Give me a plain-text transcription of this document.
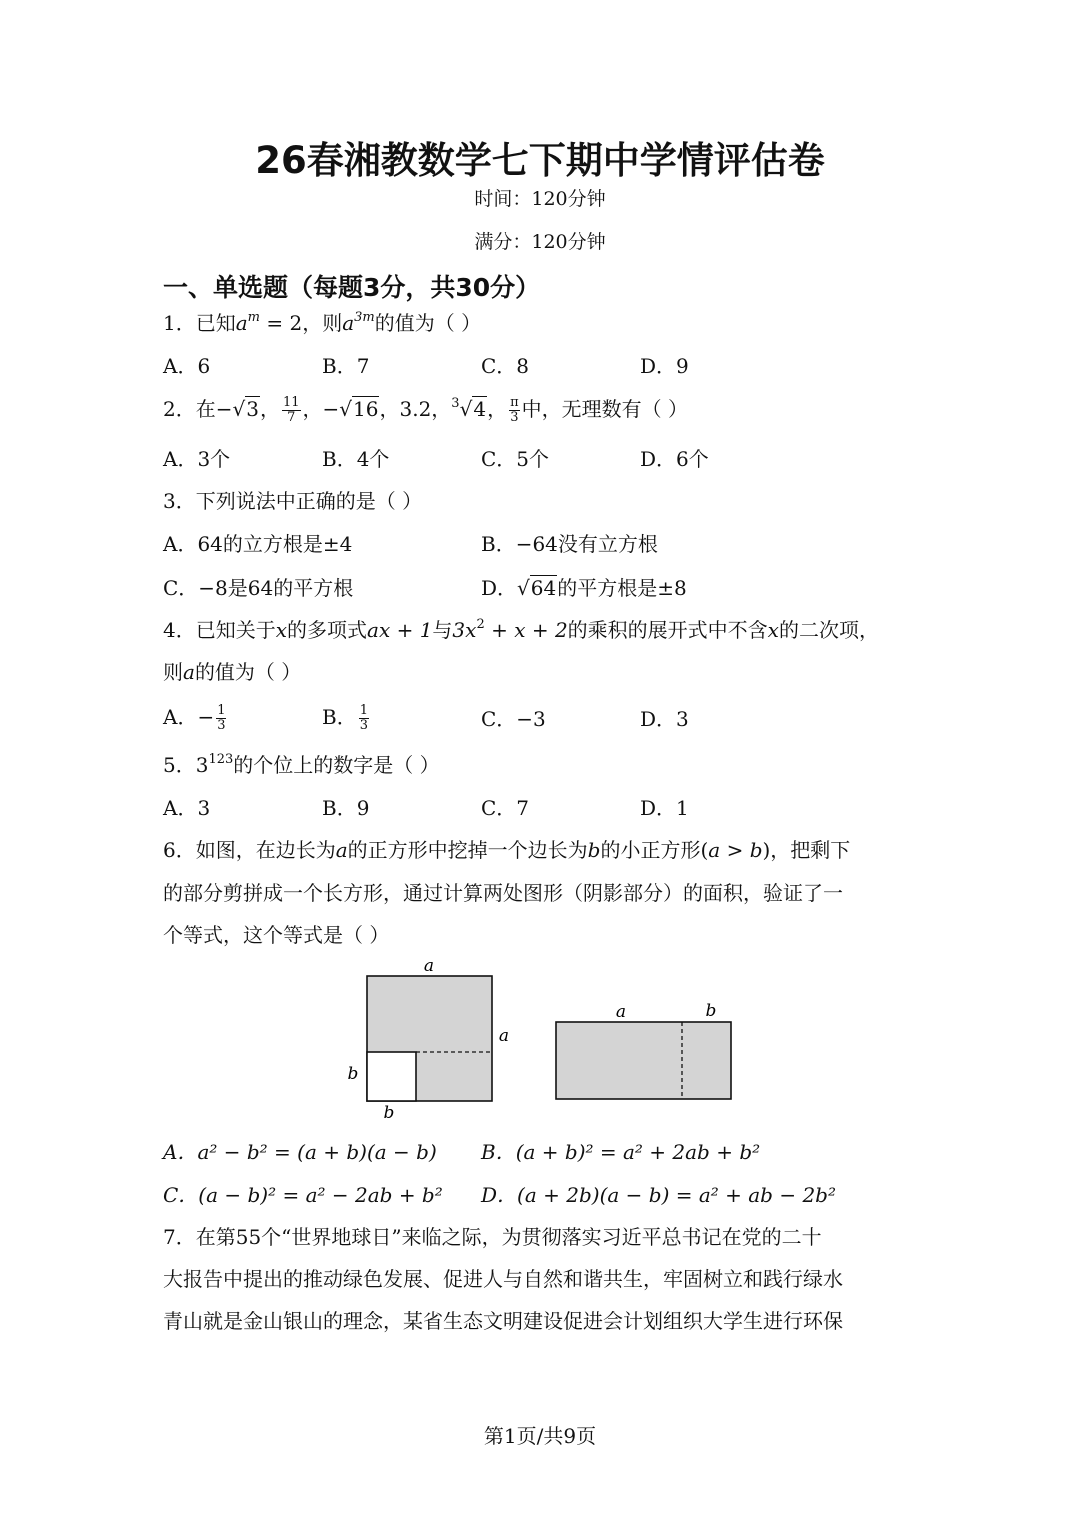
26春湘教数学七下期中学情评估卷
时间：120分钟
满分：120分钟
一、单选题（每题3分，共30分）
1．已知$a^m = 2$，则$a^{3m}$的值为（ ）
A．6	B．7	C．8	D．9
2．在−√3， $\frac{11}{7}$ ，−√16，3.2，$^3$√4， $\frac{\pi}{3}$ 中，无理数有（ ）
A．3个	B．4个	C．5个	D．6个
3．下列说法中正确的是（ ）
A．64的立方根是±4	B．−64没有立方根
C．−8是64的平方根	D．√64的平方根是±8
4．已知关于x的多项式ax + 1与$3x^2 + x + 2$的乘积的展开式中不含x的二次项，
则a的值为（ ）
A．− $\frac{1}{3}$	B． $\frac{1}{3}$	C．−3	D．3
5．$3^{123}$的个位上的数字是（ ）
A．3	B．9	C．7	D．1
6．如图，在边长为a的正方形中挖掉一个边长为b的小正方形(a > b)，把剩下
的部分剪拼成一个长方形，通过计算两处图形（阴影部分）的面积，验证了一
个等式，这个等式是（ ）
a
a
b
b
a	b
A．a² − b² = (a + b)(a − b) B．(a + b)² = a² + 2ab + b²
C．(a − b)² = a² − 2ab + b² D．(a + 2b)(a − b) = a² + ab − 2b²
7．在第55个“世界地球日”来临之际，为贯彻落实习近平总书记在党的二十
大报告中提出的推动绿色发展、促进人与自然和谐共生，牢固树立和践行绿水
青山就是金山银山的理念，某省生态文明建设促进会计划组织大学生进行环保
第1页/共9页
